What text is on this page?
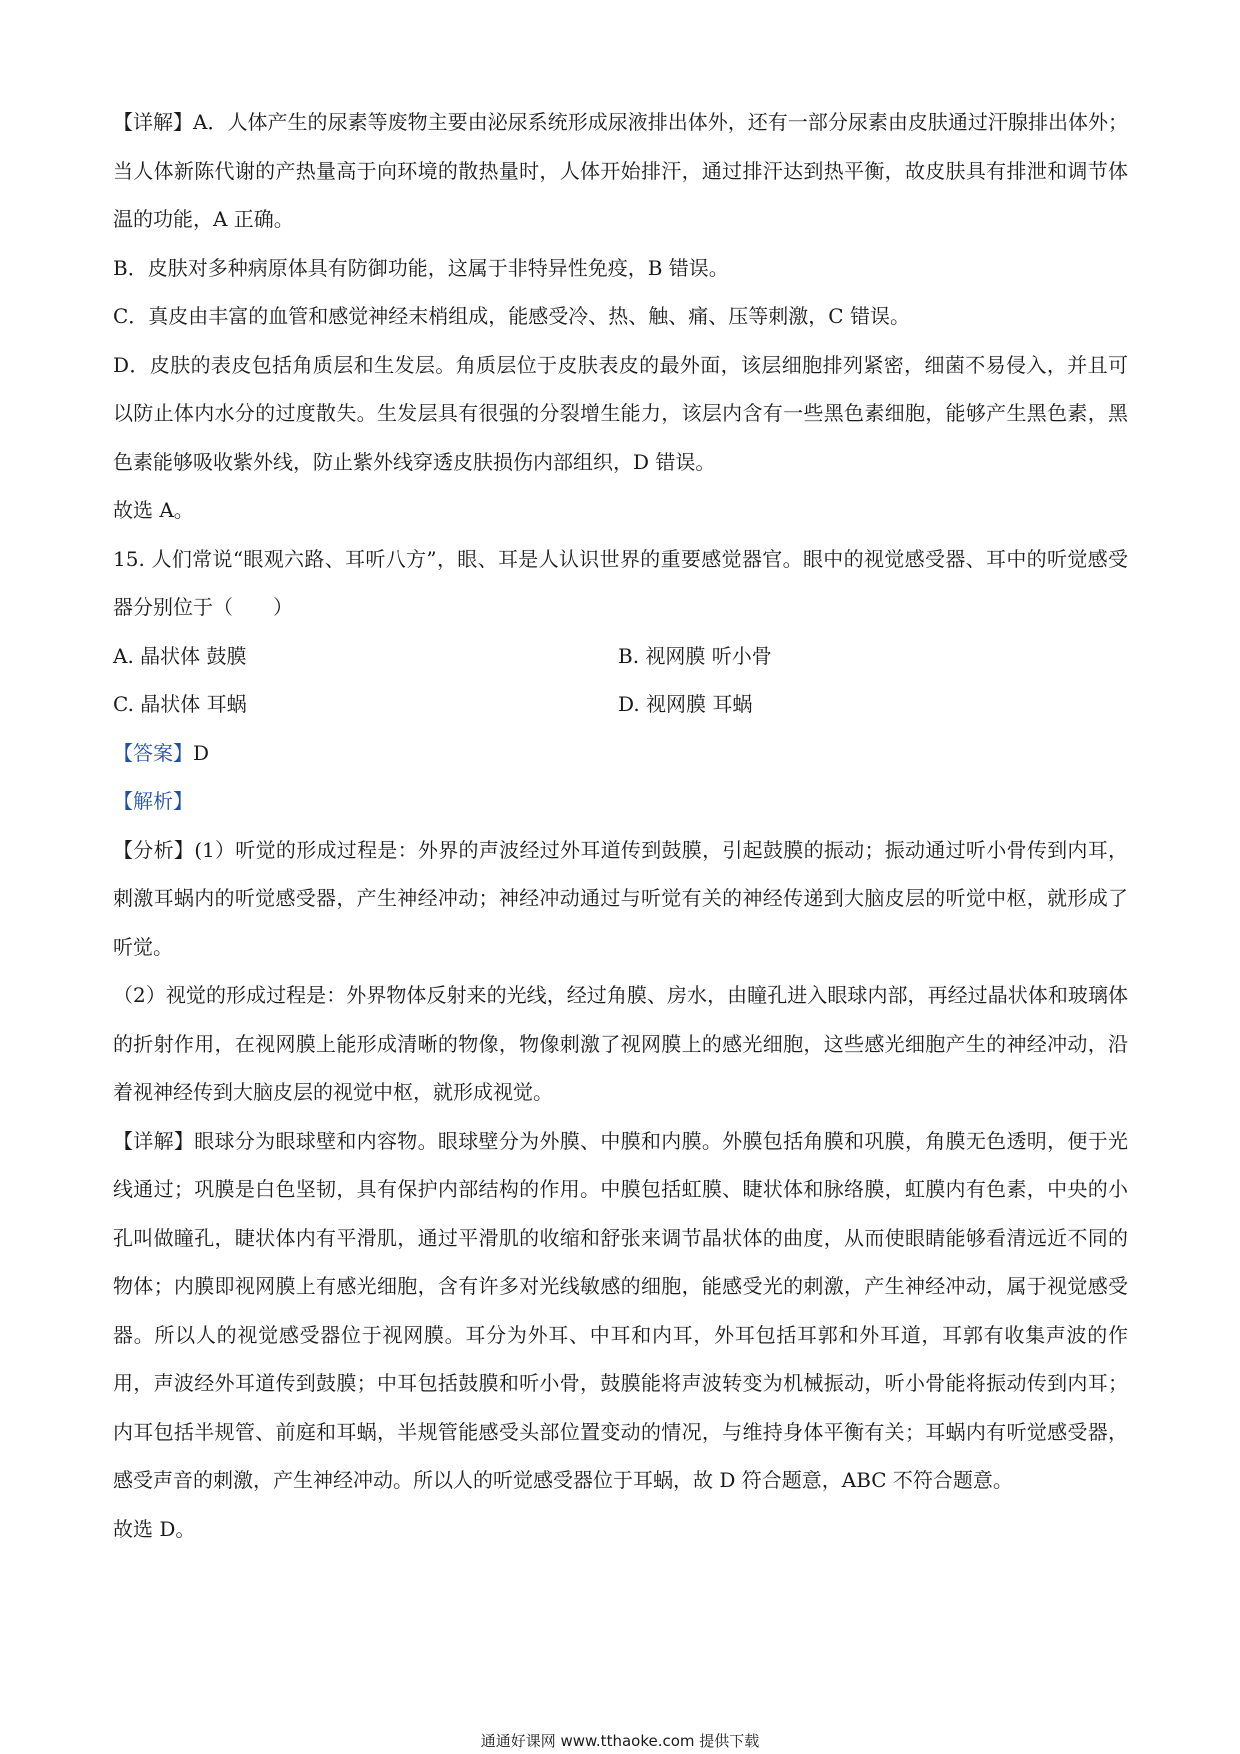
【详解】A．人体产生的尿素等废物主要由泌尿系统形成尿液排出体外，还有一部分尿素由皮肤通过汗腺排出体外；当人体新陈代谢的产热量高于向环境的散热量时，人体开始排汗，通过排汗达到热平衡，故皮肤具有排泄和调节体温的功能，A 正确。

B．皮肤对多种病原体具有防御功能，这属于非特异性免疫，B 错误。

C．真皮由丰富的血管和感觉神经末梢组成，能感受冷、热、触、痛、压等刺激，C 错误。

D．皮肤的表皮包括角质层和生发层。角质层位于皮肤表皮的最外面，该层细胞排列紧密，细菌不易侵入，并且可以防止体内水分的过度散失。生发层具有很强的分裂增生能力，该层内含有一些黑色素细胞，能够产生黑色素，黑色素能够吸收紫外线，防止紫外线穿透皮肤损伤内部组织，D 错误。

故选 A。

15. 人们常说“眼观六路、耳听八方”，眼、耳是人认识世界的重要感觉器官。眼中的视觉感受器、耳中的听觉感受器分别位于（　　）

A. 晶状体 鼓膜	B. 视网膜 听小骨
C. 晶状体 耳蜗	D. 视网膜 耳蜗

【答案】D

【解析】

【分析】(1）听觉的形成过程是：外界的声波经过外耳道传到鼓膜，引起鼓膜的振动；振动通过听小骨传到内耳，刺激耳蜗内的听觉感受器，产生神经冲动；神经冲动通过与听觉有关的神经传递到大脑皮层的听觉中枢，就形成了听觉。

（2）视觉的形成过程是：外界物体反射来的光线，经过角膜、房水，由瞳孔进入眼球内部，再经过晶状体和玻璃体的折射作用，在视网膜上能形成清晰的物像，物像刺激了视网膜上的感光细胞，这些感光细胞产生的神经冲动，沿着视神经传到大脑皮层的视觉中枢，就形成视觉。

【详解】眼球分为眼球壁和内容物。眼球壁分为外膜、中膜和内膜。外膜包括角膜和巩膜，角膜无色透明，便于光线通过；巩膜是白色坚韧，具有保护内部结构的作用。中膜包括虹膜、睫状体和脉络膜，虹膜内有色素，中央的小孔叫做瞳孔，睫状体内有平滑肌，通过平滑肌的收缩和舒张来调节晶状体的曲度，从而使眼睛能够看清远近不同的物体；内膜即视网膜上有感光细胞，含有许多对光线敏感的细胞，能感受光的刺激，产生神经冲动，属于视觉感受器。所以人的视觉感受器位于视网膜。耳分为外耳、中耳和内耳，外耳包括耳郭和外耳道，耳郭有收集声波的作用，声波经外耳道传到鼓膜；中耳包括鼓膜和听小骨，鼓膜能将声波转变为机械振动，听小骨能将振动传到内耳；内耳包括半规管、前庭和耳蜗，半规管能感受头部位置变动的情况，与维持身体平衡有关；耳蜗内有听觉感受器，感受声音的刺激，产生神经冲动。所以人的听觉感受器位于耳蜗，故 D 符合题意，ABC 不符合题意。

故选 D。

通通好课网 www.tthaoke.com 提供下载
